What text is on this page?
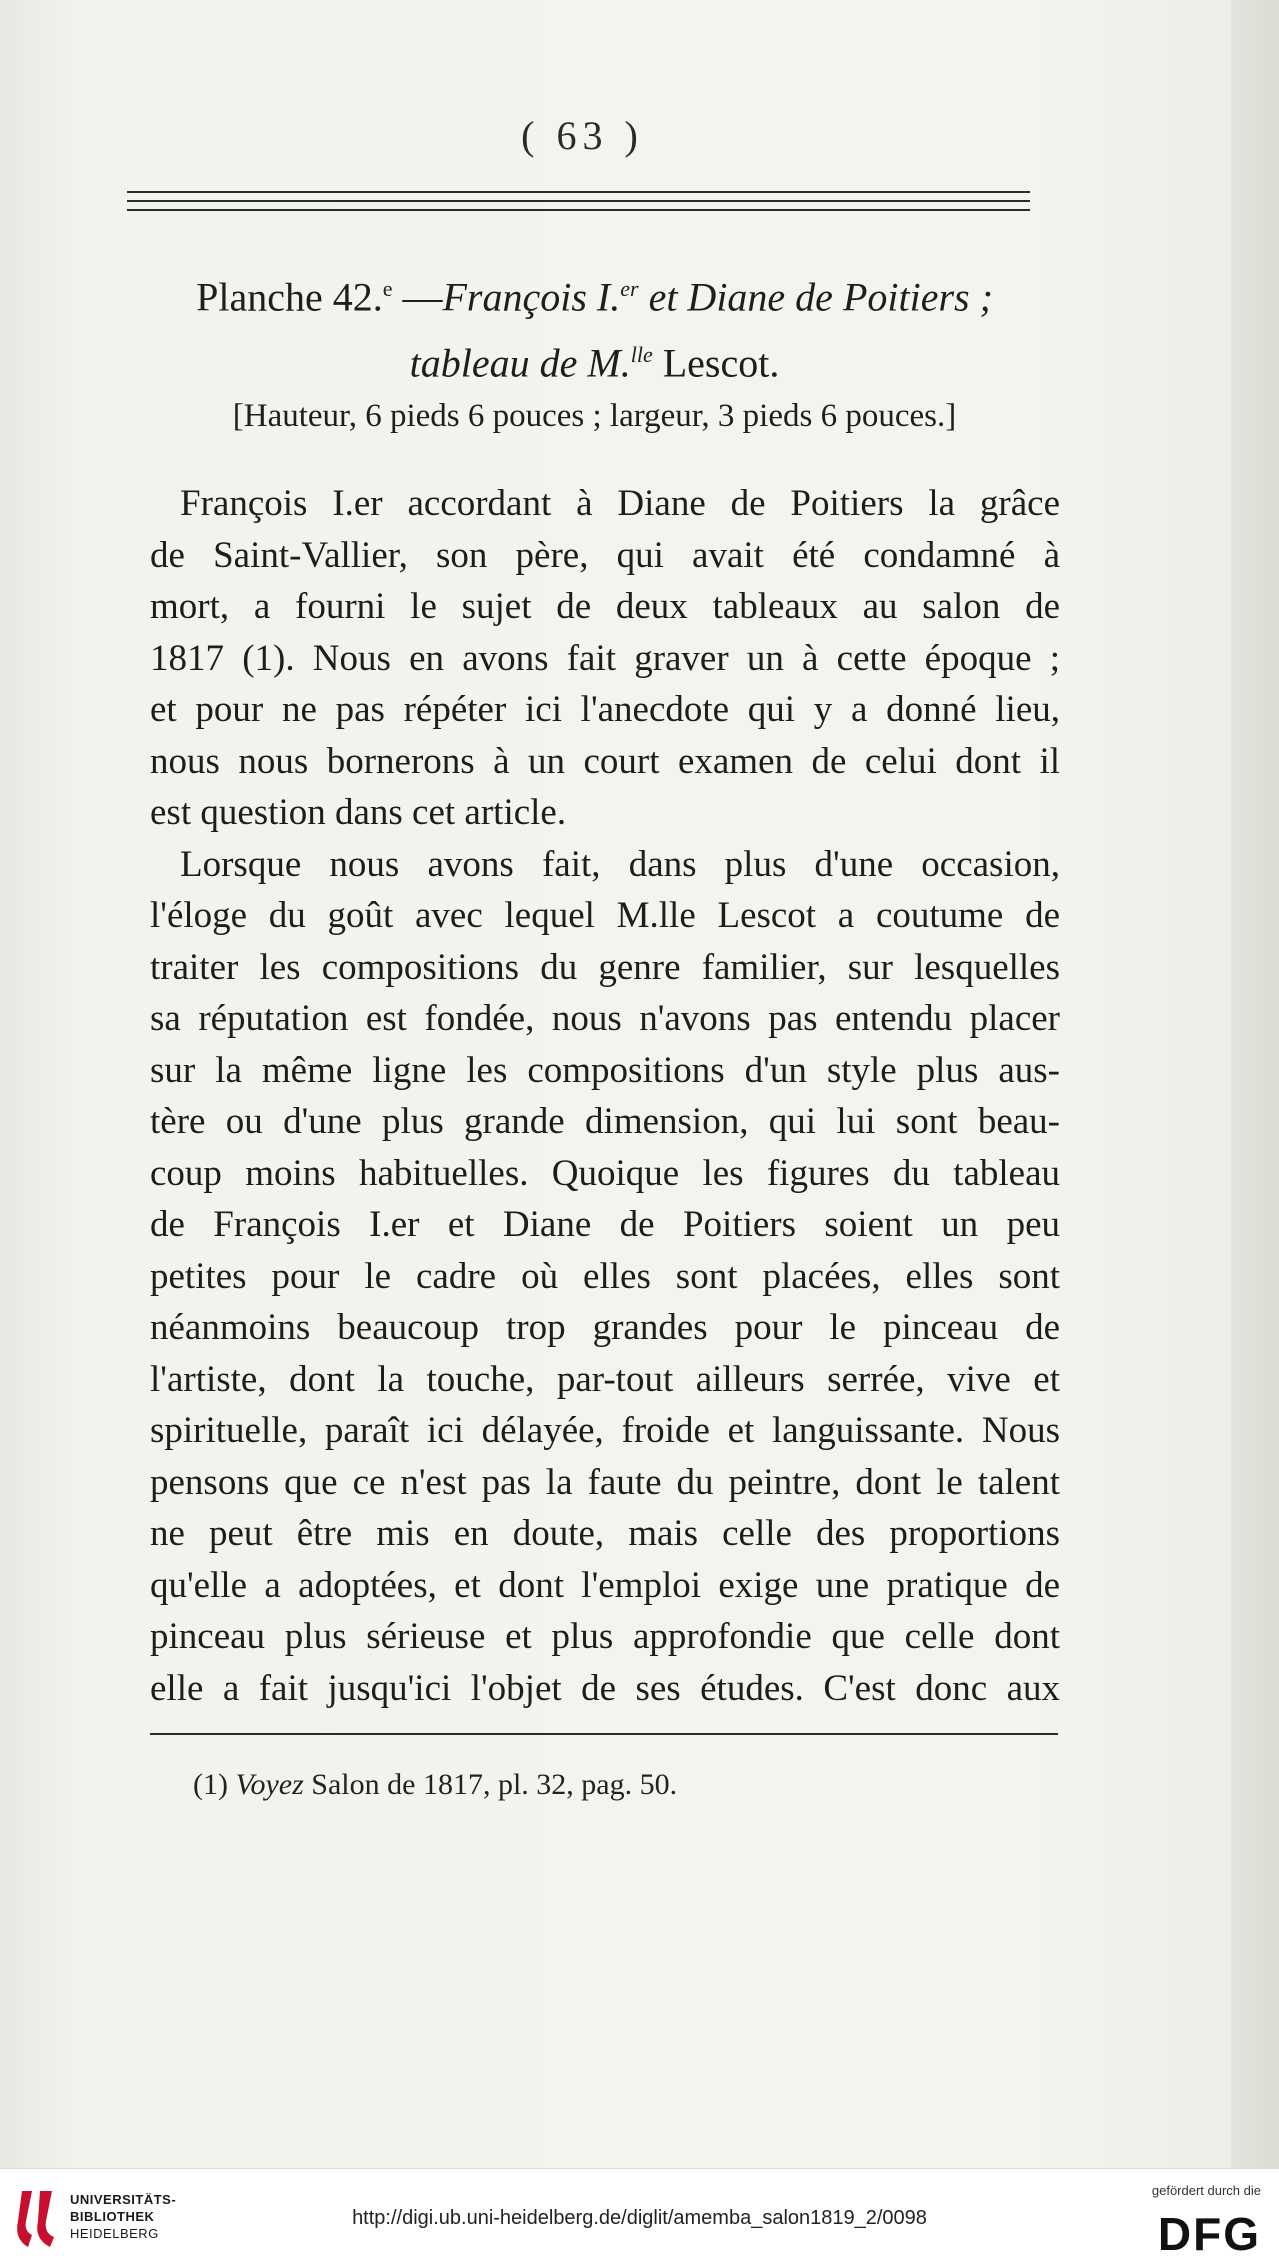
( 63 )
Planche 42.$^e$ —François I.$^{er}$ et Diane de Poitiers ;
tableau de M.$^{lle}$ Lescot.
[Hauteur, 6 pieds 6 pouces ; largeur, 3 pieds 6 pouces.]
François I.er accordant à Diane de Poitiers la grâce
de Saint-Vallier, son père, qui avait été condamné à
mort, a fourni le sujet de deux tableaux au salon de
1817 (1). Nous en avons fait graver un à cette époque ;
et pour ne pas répéter ici l'anecdote qui y a donné lieu,
nous nous bornerons à un court examen de celui dont il
est question dans cet article.
Lorsque nous avons fait, dans plus d'une occasion,
l'éloge du goût avec lequel M.lle Lescot a coutume de
traiter les compositions du genre familier, sur lesquelles
sa réputation est fondée, nous n'avons pas entendu placer
sur la même ligne les compositions d'un style plus aus-
tère ou d'une plus grande dimension, qui lui sont beau-
coup moins habituelles. Quoique les figures du tableau
de François I.er et Diane de Poitiers soient un peu
petites pour le cadre où elles sont placées, elles sont
néanmoins beaucoup trop grandes pour le pinceau de
l'artiste, dont la touche, par-tout ailleurs serrée, vive et
spirituelle, paraît ici délayée, froide et languissante. Nous
pensons que ce n'est pas la faute du peintre, dont le talent
ne peut être mis en doute, mais celle des proportions
qu'elle a adoptées, et dont l'emploi exige une pratique de
pinceau plus sérieuse et plus approfondie que celle dont
elle a fait jusqu'ici l'objet de ses études. C'est donc aux
(1) Voyez Salon de 1817, pl. 32, pag. 50.
UNIVERSITÄTS-
BIBLIOTHEK
HEIDELBERG
http://digi.ub.uni-heidelberg.de/diglit/amemba_salon1819_2/0098
gefördert durch die
DFG
